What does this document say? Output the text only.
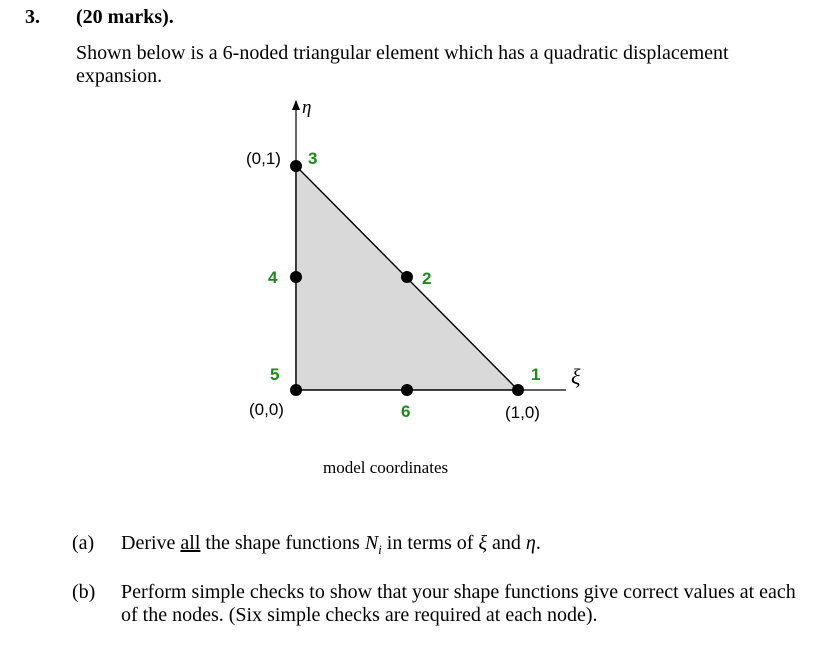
3. (20 marks).
Shown below is a 6-noded triangular element which has a quadratic displacement expansion.
η
ξ
1
2
3
4
5
6
(0,1)
(0,0)	(1,0)
model coordinates
(a) Derive all the shape functions $N_i$ in terms of ξ and η.
(b) Perform simple checks to show that your shape functions give correct values at each of the nodes. (Six simple checks are required at each node).
